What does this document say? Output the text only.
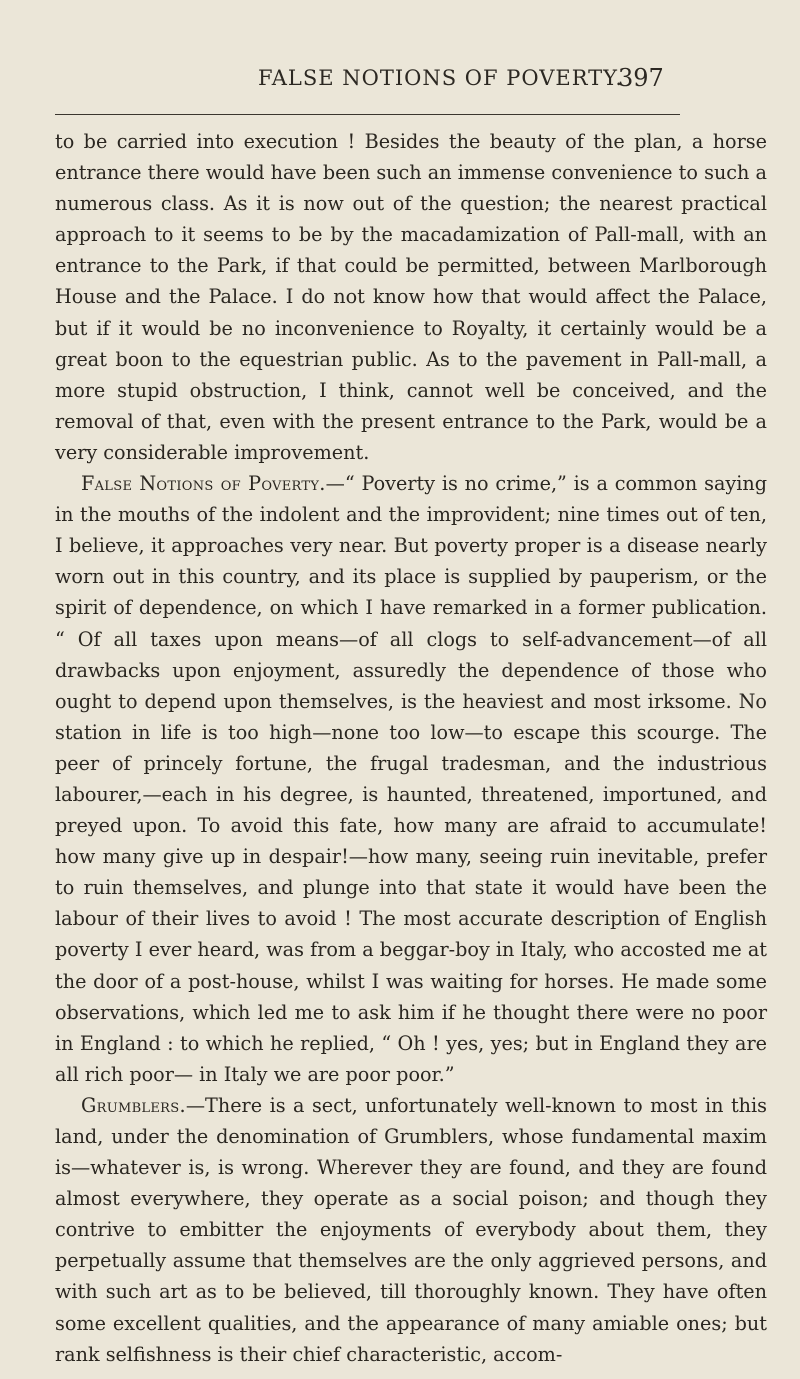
FALSE NOTIONS OF POVERTY.
397

to be carried into execution ! Besides the beauty of the plan, a horse entrance there would have been such an immense convenience to such a numerous class. As it is now out of the question; the nearest practical approach to it seems to be by the macadamization of Pall-mall, with an entrance to the Park, if that could be permitted, between Marlborough House and the Palace. I do not know how that would affect the Palace, but if it would be no inconvenience to Royalty, it certainly would be a great boon to the equestrian public. As to the pavement in Pall-mall, a more stupid obstruction, I think, cannot well be conceived, and the removal of that, even with the present entrance to the Park, would be a very considerable improvement.

False Notions of Poverty.—“ Poverty is no crime,” is a common saying in the mouths of the indolent and the improvident; nine times out of ten, I believe, it approaches very near. But poverty proper is a disease nearly worn out in this country, and its place is supplied by pauperism, or the spirit of dependence, on which I have remarked in a former publication. “ Of all taxes upon means—of all clogs to self-advancement—of all drawbacks upon enjoyment, assuredly the dependence of those who ought to depend upon themselves, is the heaviest and most irksome. No station in life is too high—none too low—to escape this scourge. The peer of princely fortune, the frugal tradesman, and the industrious labourer,—each in his degree, is haunted, threatened, importuned, and preyed upon. To avoid this fate, how many are afraid to accumulate! how many give up in despair!—how many, seeing ruin inevitable, prefer to ruin themselves, and plunge into that state it would have been the labour of their lives to avoid ! The most accurate description of English poverty I ever heard, was from a beggar-boy in Italy, who accosted me at the door of a post-house, whilst I was waiting for horses. He made some observations, which led me to ask him if he thought there were no poor in England : to which he replied, “ Oh ! yes, yes; but in England they are all rich poor— in Italy we are poor poor.”

Grumblers.—There is a sect, unfortunately well-known to most in this land, under the denomination of Grumblers, whose fundamental maxim is—whatever is, is wrong. Wherever they are found, and they are found almost everywhere, they operate as a social poison; and though they contrive to embitter the enjoyments of everybody about them, they perpetually assume that themselves are the only aggrieved persons, and with such art as to be believed, till thoroughly known. They have often some excellent qualities, and the appearance of many amiable ones; but rank selfishness is their chief characteristic, accom-
